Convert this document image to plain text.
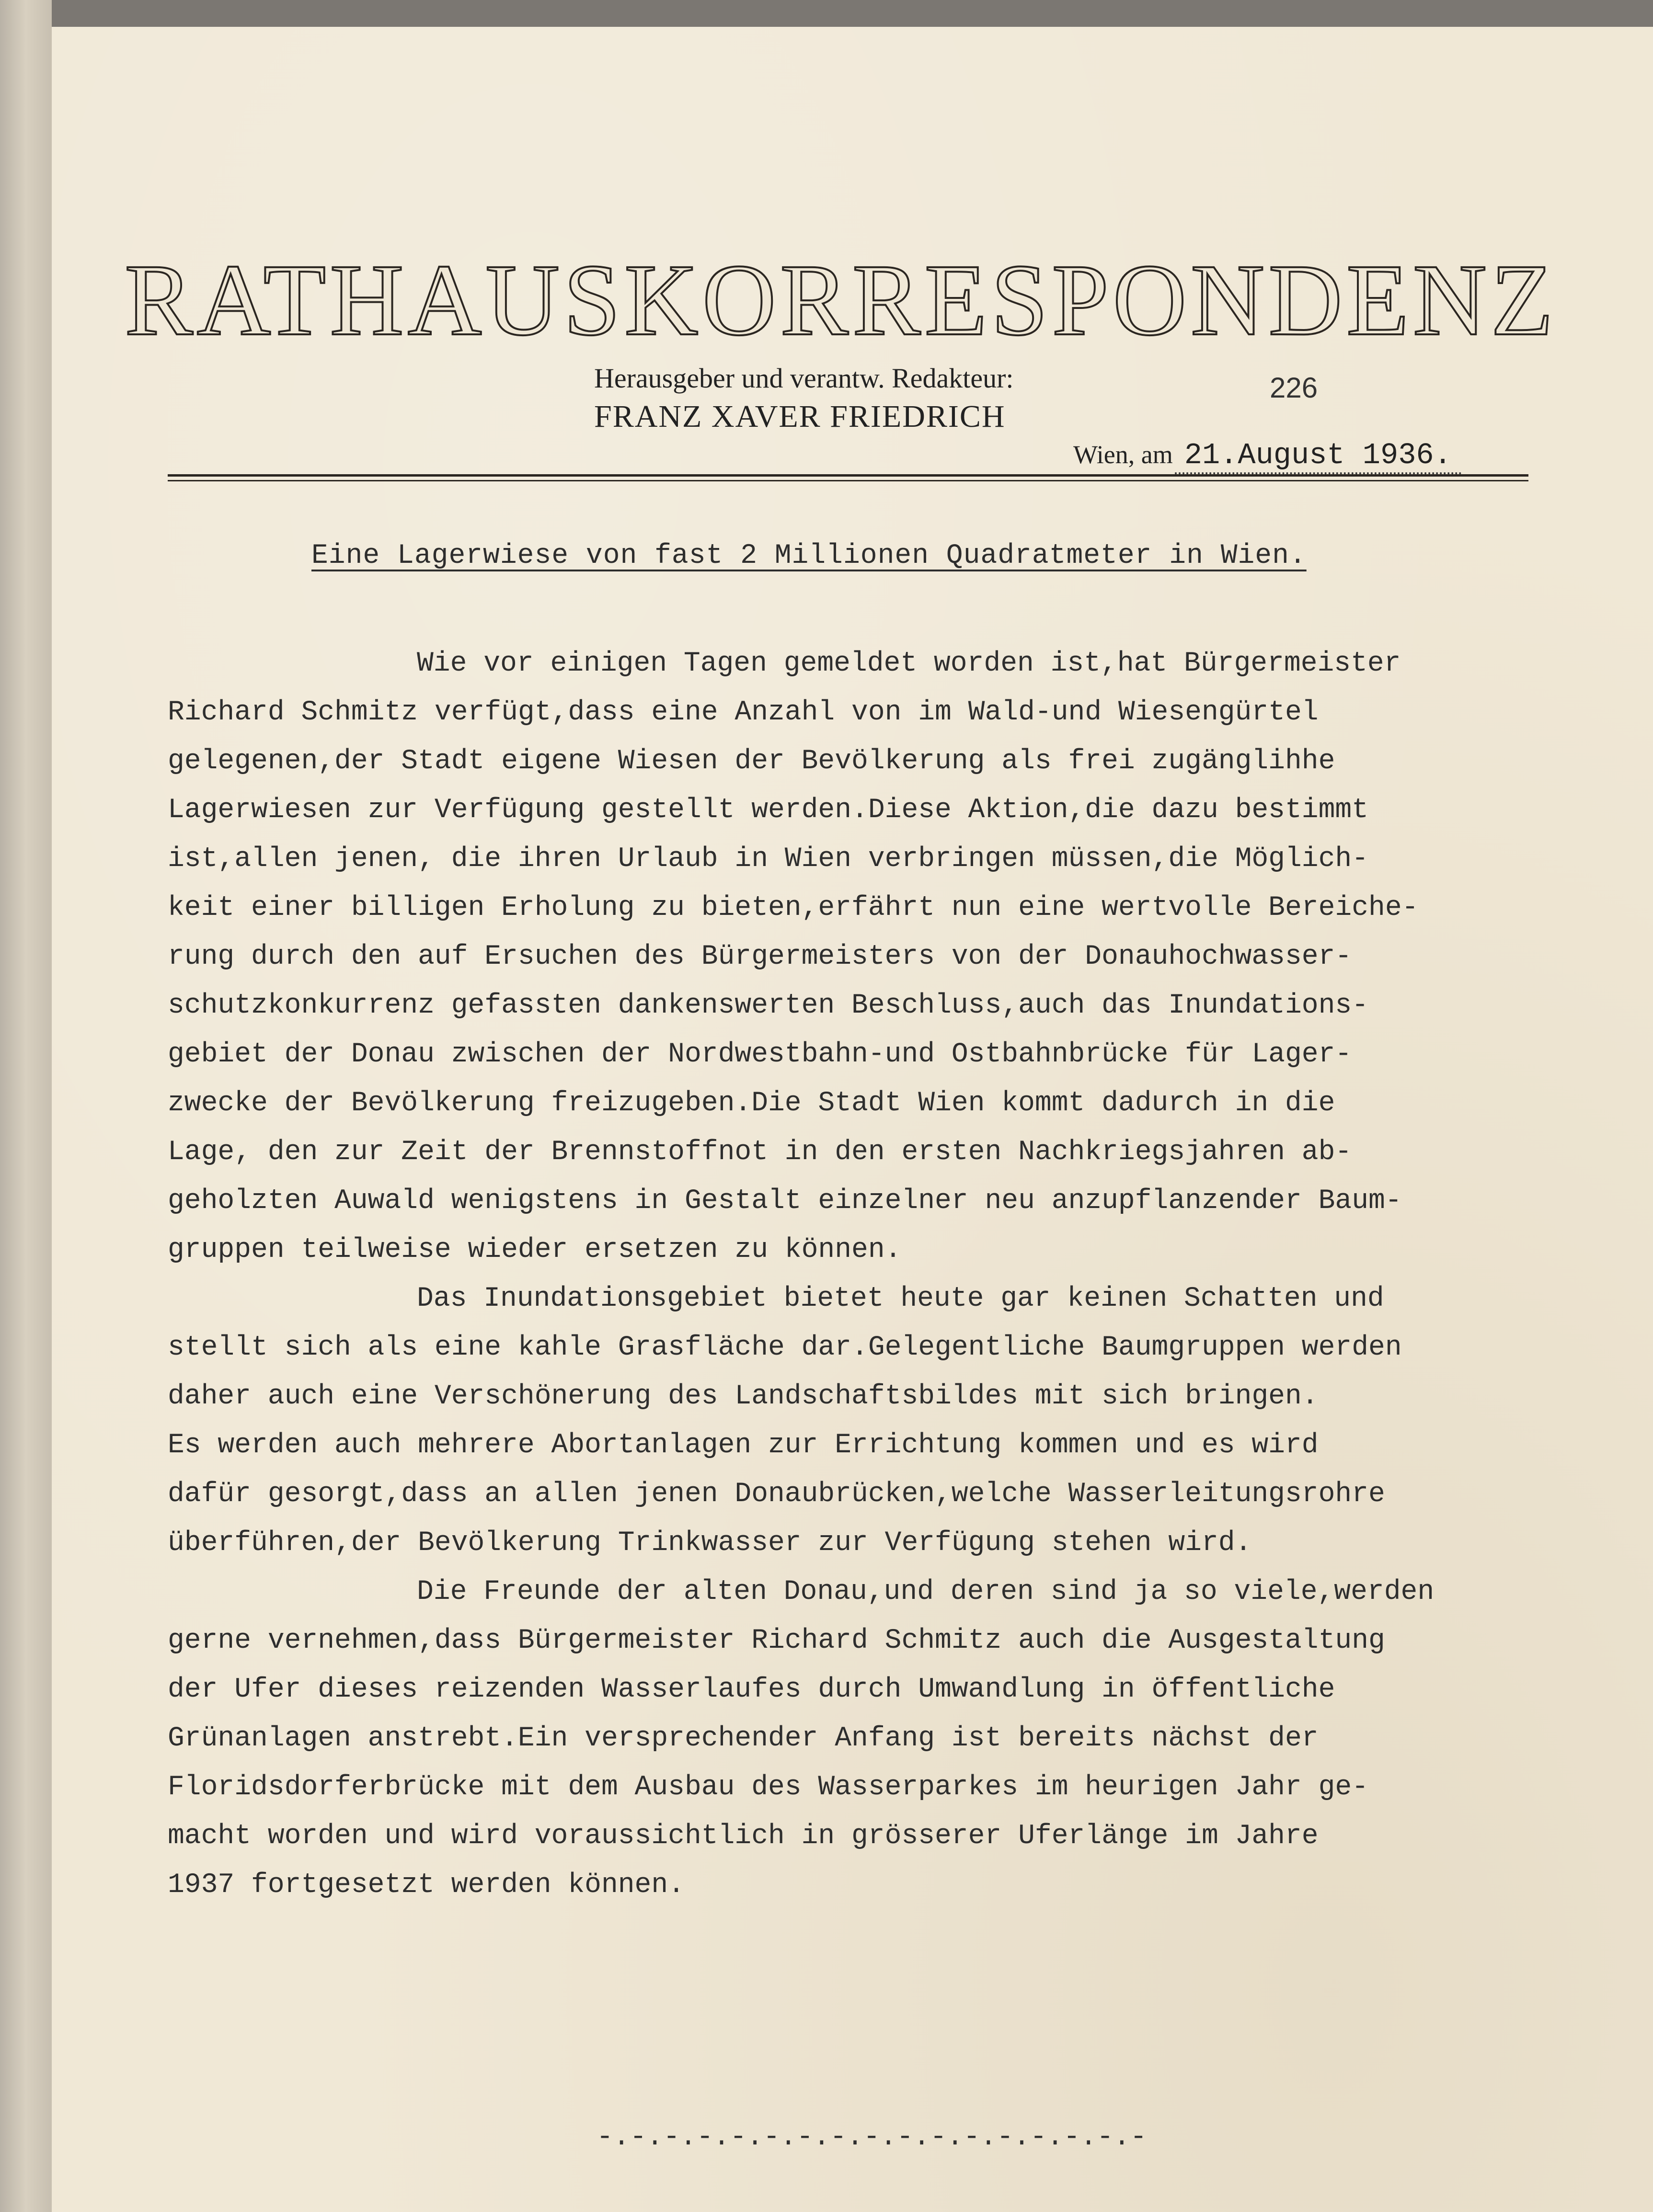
RATHAUSKORRESPONDENZ
Herausgeber und verantw. Redakteur:
FRANZ XAVER FRIEDRICH
226
Wien, am 21.August 1936.
Eine Lagerwiese von fast 2 Millionen Quadratmeter in Wien.
Wie vor einigen Tagen gemeldet worden ist,hat Bürgermeister
Richard Schmitz verfügt,dass eine Anzahl von im Wald-und Wiesengürtel
gelegenen,der Stadt eigene Wiesen der Bevölkerung als frei zugänglihhe
Lagerwiesen zur Verfügung gestellt werden.Diese Aktion,die dazu bestimmt
ist,allen jenen, die ihren Urlaub in Wien verbringen müssen,die Möglich-
keit einer billigen Erholung zu bieten,erfährt nun eine wertvolle Bereiche-
rung durch den auf Ersuchen des Bürgermeisters von der Donauhochwasser-
schutzkonkurrenz gefassten dankenswerten Beschluss,auch das Inundations-
gebiet der Donau zwischen der Nordwestbahn-und Ostbahnbrücke für Lager-
zwecke der Bevölkerung freizugeben.Die Stadt Wien kommt dadurch in die
Lage, den zur Zeit der Brennstoffnot in den ersten Nachkriegsjahren ab-
geholzten Auwald wenigstens in Gestalt einzelner neu anzupflanzender Baum-
gruppen teilweise wieder ersetzen zu können.
Das Inundationsgebiet bietet heute gar keinen Schatten und
stellt sich als eine kahle Grasfläche dar.Gelegentliche Baumgruppen werden
daher auch eine Verschönerung des Landschaftsbildes mit sich bringen.
Es werden auch mehrere Abortanlagen zur Errichtung kommen und es wird
dafür gesorgt,dass an allen jenen Donaubrücken,welche Wasserleitungsrohre
überführen,der Bevölkerung Trinkwasser zur Verfügung stehen wird.
Die Freunde der alten Donau,und deren sind ja so viele,werden
gerne vernehmen,dass Bürgermeister Richard Schmitz auch die Ausgestaltung
der Ufer dieses reizenden Wasserlaufes durch Umwandlung in öffentliche
Grünanlagen anstrebt.Ein versprechender Anfang ist bereits nächst der
Floridsdorferbrücke mit dem Ausbau des Wasserparkes im heurigen Jahr ge-
macht worden und wird voraussichtlich in grösserer Uferlänge im Jahre
1937 fortgesetzt werden können.
-.-.-.-.-.-.-.-.-.-.-.-.-.-.-.-.-
